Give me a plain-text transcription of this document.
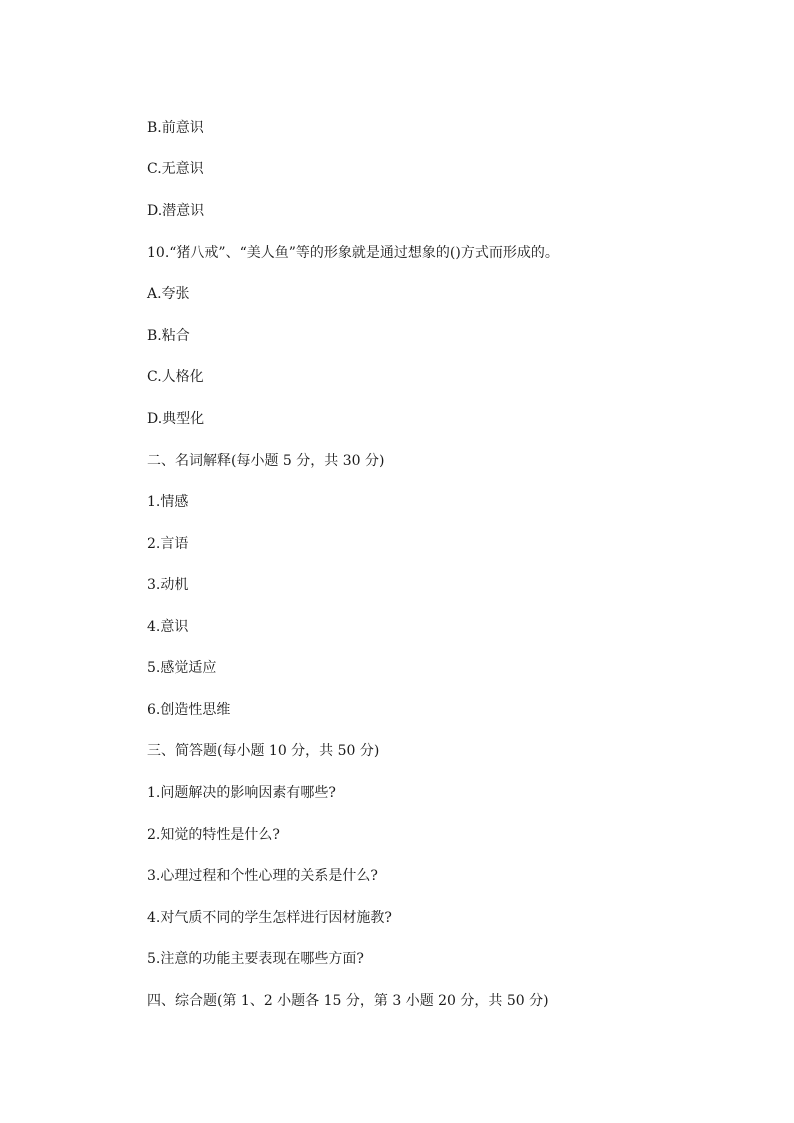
B.前意识
C.无意识
D.潜意识
10.“猪八戒”、“美人鱼”等的形象就是通过想象的()方式而形成的。
A.夸张
B.粘合
C.人格化
D.典型化
二、名词解释(每小题 5 分，共 30 分)
1.情感
2.言语
3.动机
4.意识
5.感觉适应
6.创造性思维
三、简答题(每小题 10 分，共 50 分)
1.问题解决的影响因素有哪些?
2.知觉的特性是什么?
3.心理过程和个性心理的关系是什么?
4.对气质不同的学生怎样进行因材施教?
5.注意的功能主要表现在哪些方面?
四、综合题(第 1、2 小题各 15 分，第 3 小题 20 分，共 50 分)
